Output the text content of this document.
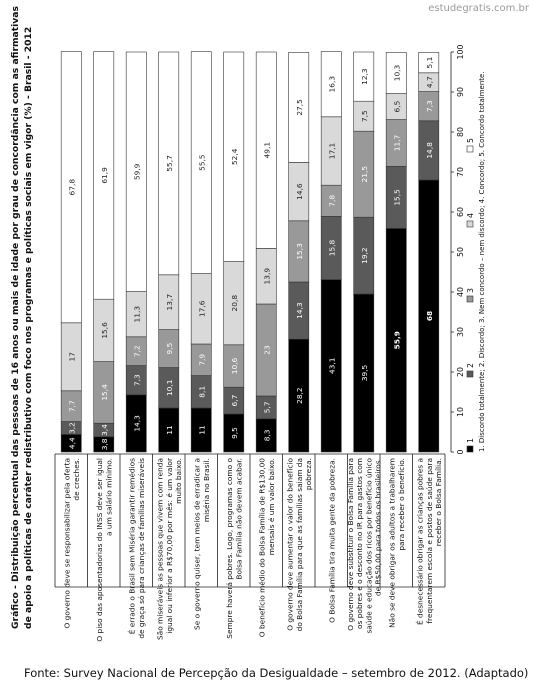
estudegratis.com.br
Gráfico - Distribuição percentual das pessoas de 16 anos ou mais de idade por grau de concordância com as afirmativas de apoio a políticas de caráter redistributivo com foco nos programas e políticas sociais em vigor (%) - Brasil - 2012	O governo deve se responsabilizar pela oferta de creches. O piso das aposentadorias do INSS deve ser igual a um salário mínimo. É errado o Brasil sem Miséria garantir remédios de graça só para crianças de famílias miseráveis São miseráveis as pessoas que vivem com renda igual ou inferior a R$70,00 por mês: é um valor muito baixo. Se o governo quiser, tem meios de erradicar a miséria no Brasil. Sempre haverá pobres. Logo, programas como o Bolsa Família não devem acabar. O benefício médio do Bolsa Família de R$130,00 mensais é um valor baixo. O governo deve aumentar o valor do benefício do Bolsa Família para que as famílias saiam da pobreza. O Bolsa Família tira muita gente da pobreza. O governo deve substituir o Bolsa Família para os pobres e o desconto no IR para gastos com saúde e educação dos ricos por benefício único de R$50,00 para todos os brasileiros. Não se deve obrigar os adultos a trabalharem para receber o benefício. É desnecessário obrigar as crianças pobres a frequentarem escola e postos de saúde para receber o Bolsa Família.
4,4
3,2
7,7
17
67,8
3,8
3,4
15,4
15,6
61,9
14,3
7,3
7,2
11,3
59,9
11
10,1
9,5
13,7
55,7
11
8,1
7,9
17,6
55,5
9,5
6,7
10,6
20,8
52,4
8,3
5,7
23
13,9
49,1
28,2
14,3
15,3
14,6
27,5
43,1
15,8
7,8
17,1
16,3
39,5
19,2
21,5
7,5
12,3
55,9
15,5
11,7
6,5
10,3
68
14,8
7,3
4,7
5,1
0
10
20
30
40
50
60
70
80
90
100
1
2
3
4
5 1. Discordo totalmente; 2. Discordo; 3. Nem concordo – nem discordo; 4. Concordo; 5. Concordo totalmente.
Fonte: Survey Nacional de Percepção da Desigualdade – setembro de 2012. (Adaptado)
